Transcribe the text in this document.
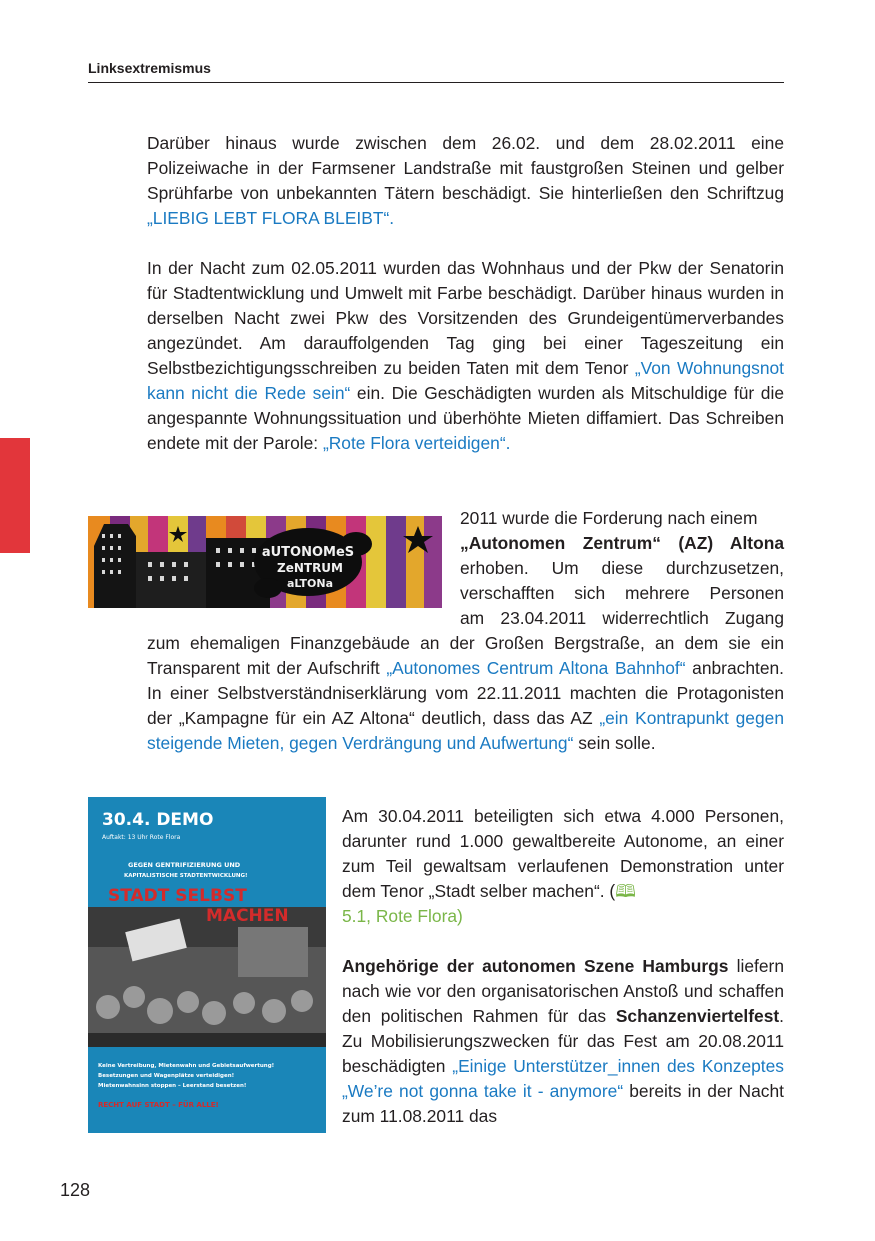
Linksextremismus

Darüber hinaus wurde zwischen dem 26.02. und dem 28.02.2011 eine Polizeiwache in der Farmsener Landstraße mit faustgroßen Steinen und gelber Sprühfarbe von unbekannten Tätern beschädigt. Sie hinterließen den Schriftzug „LIEBIG LEBT FLORA BLEIBT“.

In der Nacht zum 02.05.2011 wurden das Wohnhaus und der Pkw der Senatorin für Stadtentwicklung und Umwelt mit Farbe beschädigt. Darüber hinaus wurden in derselben Nacht zwei Pkw des Vorsitzenden des Grundeigentümerverbandes angezündet. Am darauffolgenden Tag ging bei einer Tageszeitung ein Selbstbezichtigungsschreiben zu beiden Taten mit dem Tenor „Von Wohnungsnot kann nicht die Rede sein“ ein. Die Geschädigten wurden als Mitschuldige für die angespannte Wohnungssituation und überhöhte Mieten diffamiert. Das Schreiben endete mit der Parole: „Rote Flora verteidigen“.

aUTONOMeS
ZeNTRUM
aLTONa
2011 wurde die Forderung nach einem
„Autonomen Zentrum“ (AZ) Altona
erhoben. Um diese durchzusetzen,
verschafften sich mehrere Personen
am 23.04.2011 widerrechtlich Zugang

zum ehemaligen Finanzgebäude an der Großen Bergstraße, an dem sie ein Transparent mit der Aufschrift „Autonomes Centrum Altona Bahnhof“ anbrachten. In einer Selbstverständniserklärung vom 22.11.2011 machten die Protagonisten der „Kampagne für ein AZ Altona“ deutlich, dass das AZ „ein Kontrapunkt gegen steigende Mieten, gegen Verdrängung und Aufwertung“ sein solle.

30.4. DEMO
Auftakt: 13 Uhr Rote Flora
GEGEN GENTRIFIZIERUNG UND
KAPITALISTISCHE STADTENTWICKLUNG!
STADT SELBST
MACHEN
Keine Vertreibung, Mietenwahn und Gebietsaufwertung!
Besetzungen und Wagenplätze verteidigen!
Mietenwahnsinn stoppen – Leerstand besetzen!
RECHT AUF STADT – FÜR ALLE!

Am 30.04.2011 beteiligten sich etwa 4.000 Personen, darunter rund 1.000 gewaltbereite Autonome, an einer zum Teil gewaltsam verlaufenen Demonstration unter dem Tenor „Stadt selber machen“. (🕮
5.1, Rote Flora)

Angehörige der autonomen Szene Hamburgs liefern nach wie vor den organisatorischen Anstoß und schaffen den politischen Rahmen für das Schanzenviertelfest. Zu Mobilisierungszwecken für das Fest am 20.08.2011 beschädigten „Einige Unterstützer_innen des Konzeptes „We’re not gonna take it - anymore“ bereits in der Nacht zum 11.08.2011 das

128
